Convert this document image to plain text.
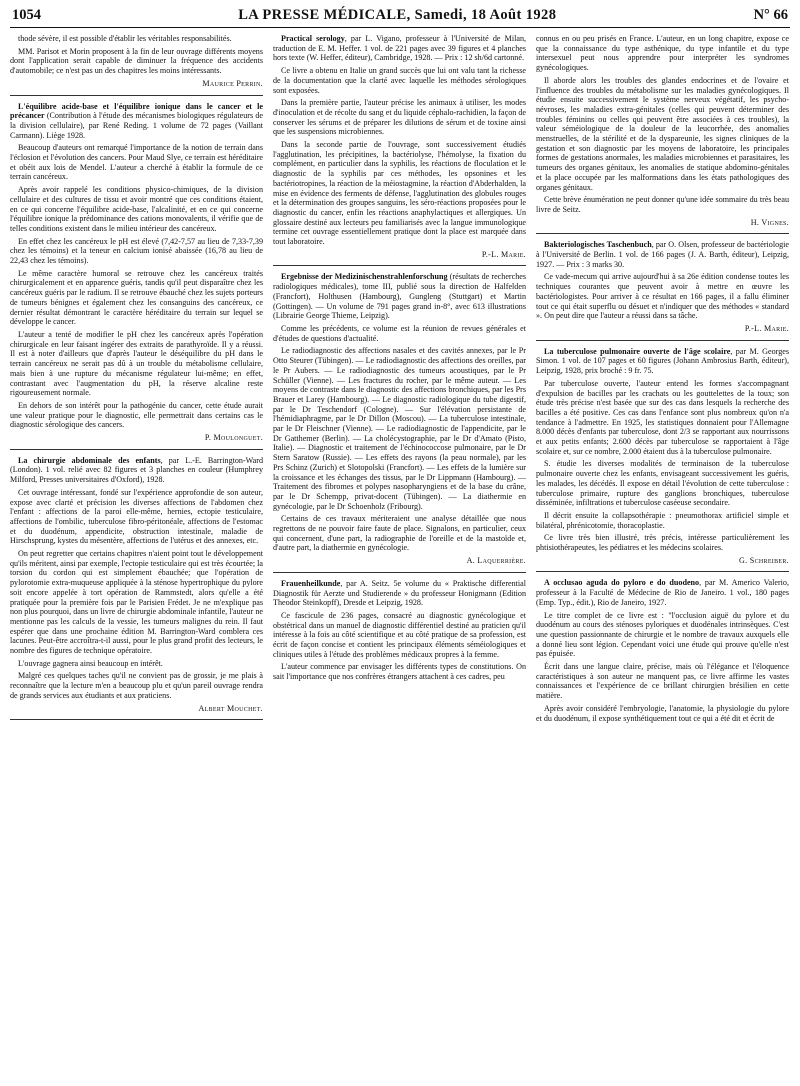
1054	LA PRESSE MÉDICALE, Samedi, 18 Août 1928	N° 66

thode sévère, il est possible d'établir les véritables responsabilités.

MM. Parisot et Morin proposent à la fin de leur ouvrage différents moyens dont l'application serait capable de diminuer la fréquence des accidents d'automobile; ce n'est pas un des chapitres les moins intéressants.

Maurice Perrin.

L'équilibre acide-base et l'équilibre ionique dans le cancer et le précancer (Contribution à l'étude des mécanismes biologiques régulateurs de la division cellulaire), par René Reding. 1 volume de 72 pages (Vaillant Carmann). Liège 1928.

Beaucoup d'auteurs ont remarqué l'importance de la notion de terrain dans l'éclosion et l'évolution des cancers. Pour Maud Slye, ce terrain est héréditaire et obéit aux lois de Mendel. L'auteur a cherché à établir la formule de ce terrain cancéreux.

Après avoir rappelé les conditions physico-chimiques, de la division cellulaire et des cultures de tissu et avoir montré que ces conditions étaient, en ce qui concerne l'équilibre acide-base, l'alcalinité, et en ce qui concerne l'équilibre ionique la prédominance des cations monovalents, il vérifie que de telles conditions existent dans le milieu intérieur des cancéreux.

En effet chez les cancéreux le pH est élevé (7,42-7,57 au lieu de 7,33-7,39 chez les témoins) et la teneur en calcium ionisé abaissée (16,78 au lieu de 22,43 chez les témoins).

Le même caractère humoral se retrouve chez les cancéreux traités chirurgicalement et en apparence guéris, tandis qu'il peut disparaître chez les cancéreux guéris par le radium. Il se retrouve ébauché chez les sujets porteurs de tumeurs bénignes et également chez les consanguins des cancéreux, ce dernier résultat démontrant le caractère héréditaire du terrain sur lequel se développe le cancer.

L'auteur a tenté de modifier le pH chez les cancéreux après l'opération chirurgicale en leur faisant ingérer des extraits de parathyroïde. Il y a réussi. Il est à noter d'ailleurs que d'après l'auteur le déséquilibre du pH dans le terrain cancéreux ne serait pas dû à un trouble du métabolisme cellulaire, mais bien à une rupture du mécanisme régulateur lui-même; en effet, contrastant avec l'augmentation du pH, la réserve alcaline reste rigoureusement normale.

En dehors de son intérêt pour la pathogénie du cancer, cette étude aurait une valeur pratique pour le diagnostic, elle permettrait dans certains cas le diagnostic sérologique des cancers.

P. Moulonguet.

La chirurgie abdominale des enfants, par L.-E. Barrington-Ward (London). 1 vol. relié avec 82 figures et 3 planches en couleur (Humphrey Milford, Presses universitaires d'Oxford), 1928.

Cet ouvrage intéressant, fondé sur l'expérience approfondie de son auteur, expose avec clarté et précision les diverses affections de l'abdomen chez l'enfant : affections de la paroi elle-même, hernies, ectopie testiculaire, affections de l'ombilic, tuberculose fibro-péritonéale, affections de l'estomac et du duodénum, appendicite, obstruction intestinale, maladie de Hirschsprung, kystes du mésentère, affections de l'utérus et des annexes, etc.

On peut regretter que certains chapitres n'aient point tout le développement qu'ils méritent, ainsi par exemple, l'ectopie testiculaire qui est très écourtée; la torsion du cordon qui est simplement ébauchée; que l'opération de pylorotomie extra-muqueuse appliquée à la sténose hypertrophique du pylore soit encore appelée à tort opération de Rammstedt, alors qu'elle a été pratiquée pour la première fois par le Parisien Frédet. Je ne m'explique pas non plus pourquoi, dans un livre de chirurgie abdominale infantile, l'auteur ne mentionne pas les calculs de la vessie, les tumeurs malignes du rein. Il faut espérer que dans une prochaine édition M. Barrington-Ward comblera ces lacunes. Peut-être accroîtra-t-il aussi, pour le plus grand profit des lecteurs, le nombre des figures de technique opératoire.

L'ouvrage gagnera ainsi beaucoup en intérêt.

Malgré ces quelques taches qu'il ne convient pas de grossir, je me plais à reconnaître que la lecture m'en a beaucoup plu et qu'un pareil ouvrage rendra de grands services aux étudiants et aux praticiens.

Albert Mouchet.

Practical serology, par L. Vigano, professeur à l'Université de Milan, traduction de E. M. Heffer. 1 vol. de 221 pages avec 39 figures et 4 planches hors texte (W. Heffer, éditeur), Cambridge, 1928. — Prix : 12 sh/6d cartonné.

Ce livre a obtenu en Italie un grand succès que lui ont valu tant la richesse de la documentation que la clarté avec laquelle les méthodes sérologiques sont exposées.

Dans la première partie, l'auteur précise les animaux à utiliser, les modes d'inoculation et de récolte du sang et du liquide céphalo-rachidien, la façon de conserver les sérums et de préparer les dilutions de sérum et de toxine ainsi que les suspensions microbiennes.

Dans la seconde partie de l'ouvrage, sont successivement étudiés l'agglutination, les précipitines, la bactériolyse, l'hémolyse, la fixation du complément, en particulier dans la syphilis, les réactions de floculation et le diagnostic de la syphilis par ces méthodes, les opsonines et les bactériotropines, la réaction de la méiostagmine, la réaction d'Abderhalden, la mise en évidence des ferments de défense, l'agglutination des globules rouges et la détermination des groupes sanguins, les séro-réactions proposées pour le diagnostic du cancer, enfin les réactions anaphylactiques et allergiques. Un glossaire destiné aux lecteurs peu familiarisés avec la langue immunologique termine cet ouvrage essentiellement pratique dont la place est marquée dans tout laboratoire.

P.-L. Marie.

Ergebnisse der Medizinischenstrahlenforschung (résultats de recherches radiologiques médicales), tome III, publié sous la direction de Halfelden (Francfort), Holthusen (Hambourg), Gungleng (Stuttgart) et Martin (Gottingen). — Un volume de 791 pages grand in-8°, avec 613 illustrations (Librairie George Thieme, Leipzig).

Comme les précédents, ce volume est la réunion de revues générales et d'études de questions d'actualité.

Le radiodiagnostic des affections nasales et des cavités annexes, par le Pr Otto Steurer (Tübingen). — Le radiodiagnostic des affections des oreilles, par le Pr Aubers. — Le radiodiagnostic des tumeurs acoustiques, par le Pr Schüller (Vienne). — Les fractures du rocher, par le même auteur. — Les moyens de contraste dans le diagnostic des affections bronchiques, par les Prs Brauer et Larey (Hambourg). — Le diagnostic radiologique du tube digestif, par le Dr Teschendorf (Cologne). — Sur l'élévation persistante de l'hémidiaphragme, par le Dr Dillon (Moscou). — La tuberculose intestinale, par le Dr Fleischner (Vienne). — Le radiodiagnostic de l'appendicite, par le Dr Gatthemer (Berlin). — La cholécystographie, par le Dr d'Amato (Pisto, Italie). — Diagnostic et traitement de l'échinococcose pulmonaire, par le Dr Stern Saratow (Russie). — Les effets des rayons (la peau normale), par les Prs Schinz (Zurich) et Slotopolski (Francfort). — Les effets de la lumière sur la croissance et les échanges des tissus, par le Dr Lippmann (Hambourg). — Traitement des fibromes et polypes nasopharyngiens et de la base du crâne, par le Dr Schempp, privat-docent (Tübingen). — La diathermie en gynécologie, par le Dr Schoenholz (Fribourg).

Certains de ces travaux mériteraient une analyse détaillée que nous regrettons de ne pouvoir faire faute de place. Signalons, en particulier, ceux qui concernent, d'une part, la radiographie de l'oreille et de la mastoïde et, d'autre part, la diathermie en gynécologie.

A. Laquerrière.

Frauenheilkunde, par A. Seitz. 5e volume du « Praktische differential Diagnostik für Aerzte und Studierende » du professeur Honigmann (Edition Theodor Steinkopff), Dresde et Leipzig, 1928.

Ce fascicule de 236 pages, consacré au diagnostic gynécologique et obstétrical dans un manuel de diagnostic différentiel destiné au praticien qu'il intéresse à la fois au côté scientifique et au côté pratique de sa profession, est écrit de façon concise et contient les principaux éléments séméiologiques et cliniques utiles à l'étude des problèmes médicaux propres à la femme.

L'auteur commence par envisager les différents types de constitutions. On sait l'importance que nos confrères étrangers attachent à ces cadres, peu

connus en ou peu prisés en France. L'auteur, en un long chapitre, expose ce que la connaissance du type asthénique, du type infantile et du type intersexuel peut nous apprendre pour interpréter les syndromes gynécologiques.

Il aborde alors les troubles des glandes endocrines et de l'ovaire et l'influence des troubles du métabolisme sur les maladies gynécologiques. Il étudie ensuite successivement le système nerveux végétatif, les psycho-névroses, les maladies extra-génitales (celles qui peuvent déterminer des troubles féminins ou celles qui peuvent être associées à ces troubles), la valeur séméiologique de la douleur de la leucorrhée, des anomalies menstruelles, de la stérilité et de la dyspareunie, les signes cliniques de la gestation et son diagnostic par les moyens de laboratoire, les principales formes de gestations anormales, les maladies microbiennes et parasitaires, les tumeurs des organes génitaux, les anomalies de statique abdomino-génitales et la place occupée par les malformations dans les états pathologiques des organes génitaux.

Cette brève énumération ne peut donner qu'une idée sommaire du très beau livre de Seitz.

H. Vignes.

Bakteriologisches Taschenbuch, par O. Olsen, professeur de bactériologie à l'Université de Berlin. 1 vol. de 166 pages (J. A. Barth, éditeur), Leipzig, 1927. — Prix : 3 marks 30.

Ce vade-mecum qui arrive aujourd'hui à sa 26e édition condense toutes les techniques courantes que peuvent avoir à mettre en œuvre les bactériologistes. Pour arriver à ce résultat en 166 pages, il a fallu éliminer tout ce qui était superflu ou désuet et n'indiquer que des méthodes « standard ». On peut dire que l'auteur a réussi dans sa tâche.

P.-L. Marie.

La tuberculose pulmonaire ouverte de l'âge scolaire, par M. Georges Simon. 1 vol. de 107 pages et 60 figures (Johann Ambrosius Barth, éditeur), Leipzig, 1928, prix broché : 9 fr. 75.

Par tuberculose ouverte, l'auteur entend les formes s'accompagnant d'expulsion de bacilles par les crachats ou les gouttelettes de la toux; son étude très précise n'est basée que sur des cas dans lesquels la recherche des bacilles a été positive. Ces cas dans l'enfance sont plus nombreux qu'on n'a tendance à l'admettre. En 1925, les statistiques donnaient pour l'Allemagne 8.000 décès d'enfants par tuberculose, dont 2/3 se rapportant aux nourrissons et aux petits enfants; 2.600 décès par tuberculose se rapportaient à l'âge scolaire et, sur ce nombre, 2.000 étaient dus à la tuberculose pulmonaire.

S. étudie les diverses modalités de terminaison de la tuberculose pulmonaire ouverte chez les enfants, envisageant successivement les guéris, les malades, les décédés. Il expose en détail l'évolution de cette tuberculose : tuberculose primaire, rupture des ganglions bronchiques, tuberculose disséminée, infiltrations et tuberculose caséeuse secondaire.

Il décrit ensuite la collapsothérapie : pneumothorax artificiel simple et bilatéral, phrénicotomie, thoracoplastie.

Ce livre très bien illustré, très précis, intéresse particulièrement les phtisiothérapeutes, les pédiatres et les médecins scolaires.

G. Schreiber.

A occlusao aguda do pyloro e do duodeno, par M. Americo Valerio, professeur à la Faculté de Médecine de Rio de Janeiro. 1 vol., 180 pages (Emp. Typ., édit.), Rio de Janeiro, 1927.

Le titre complet de ce livre est : "l'occlusion aiguë du pylore et du duodénum au cours des sténoses pyloriques et duodénales intrinsèques. C'est une question passionnante de chirurgie et le nombre de travaux auxquels elle a donné lieu sont légion. Cependant voici une étude qui prouve qu'elle n'est pas épuisée.

Écrit dans une langue claire, précise, mais où l'élégance et l'éloquence caractéristiques à son auteur ne manquent pas, ce livre affirme les vastes connaissances et l'expérience de ce brillant chirurgien brésilien en cette matière.

Après avoir considéré l'embryologie, l'anatomie, la physiologie du pylore et du duodénum, il expose synthétiquement tout ce qui a été dit et écrit de
